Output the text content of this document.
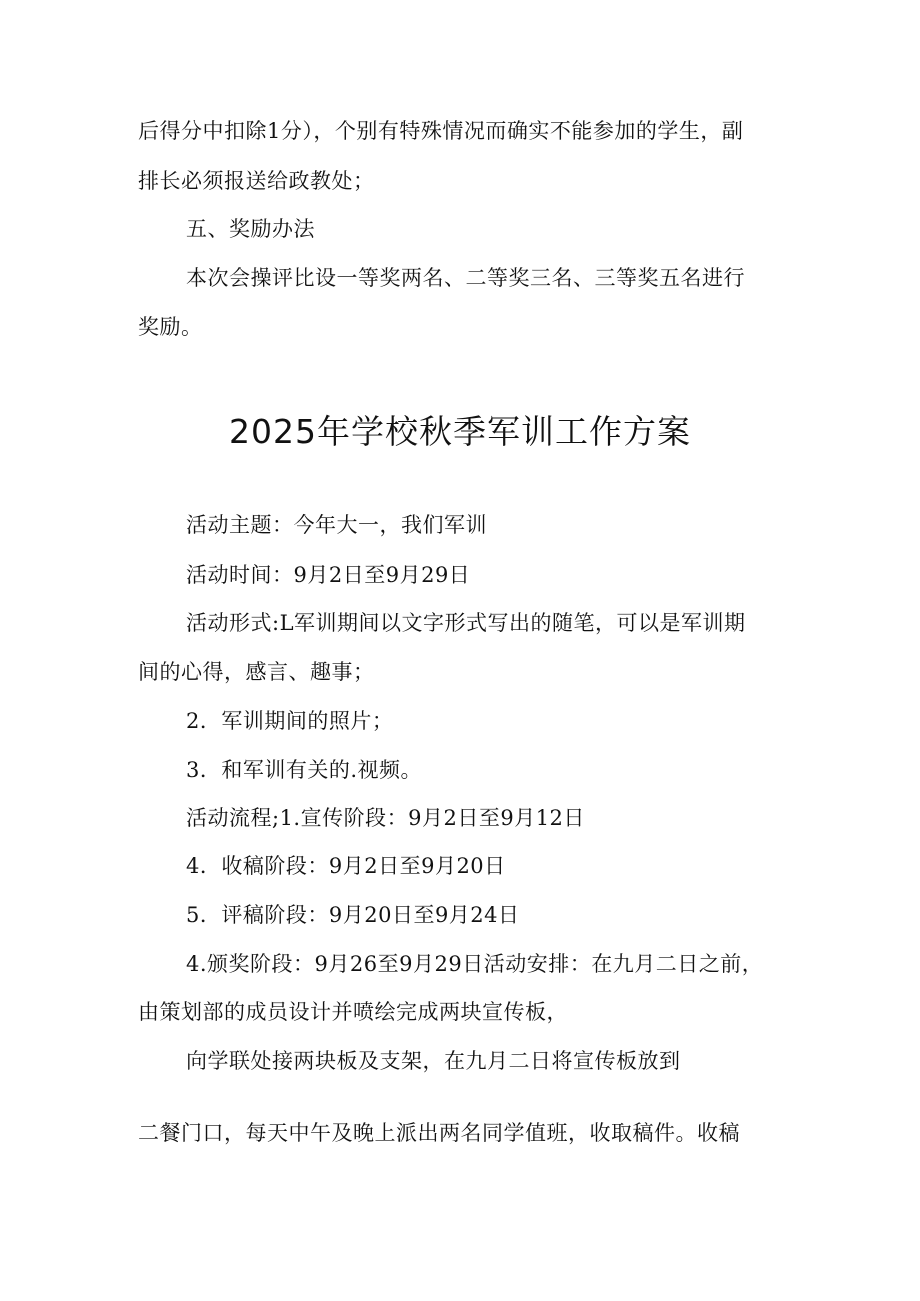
后得分中扣除1分），个别有特殊情况而确实不能参加的学生，副
排长必须报送给政教处；
五、奖励办法
本次会操评比设一等奖两名、二等奖三名、三等奖五名进行
奖励。
2025年学校秋季军训工作方案
活动主题：今年大一，我们军训
活动时间：9月2日至9月29日
活动形式:L军训期间以文字形式写出的随笔，可以是军训期
间的心得，感言、趣事；
2．军训期间的照片；
3．和军训有关的.视频。
活动流程;1.宣传阶段：9月2日至9月12日
4．收稿阶段：9月2日至9月20日
5．评稿阶段：9月20日至9月24日
4.颁奖阶段：9月26至9月29日活动安排：在九月二日之前，
由策划部的成员设计并喷绘完成两块宣传板，
向学联处接两块板及支架，在九月二日将宣传板放到
二餐门口，每天中午及晚上派出两名同学值班，收取稿件。收稿
